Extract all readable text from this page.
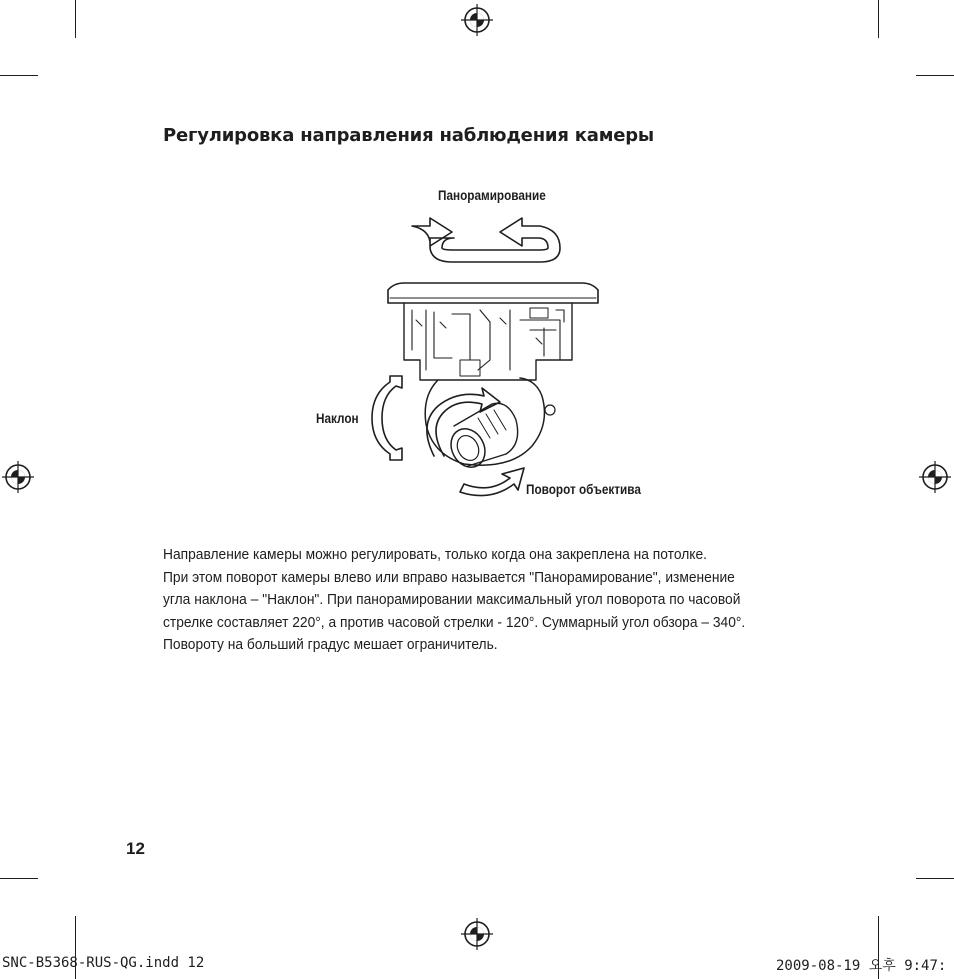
Регулировка направления наблюдения камеры
Панорамирование
Наклон
Поворот объектива
Направление камеры можно регулировать, только когда она закреплена на потолке.
При этом поворот камеры влево или вправо называется "Панорамирование", изменение
угла наклона – "Наклон". При панорамировании максимальный угол поворота по часовой
стрелке составляет 220°, а против часовой стрелки - 120°. Суммарный угол обзора – 340°.
Повороту на больший градус мешает ограничитель.
12
SNC-B5368-RUS-QG.indd 12	2009-08-19 오후 9:47:
